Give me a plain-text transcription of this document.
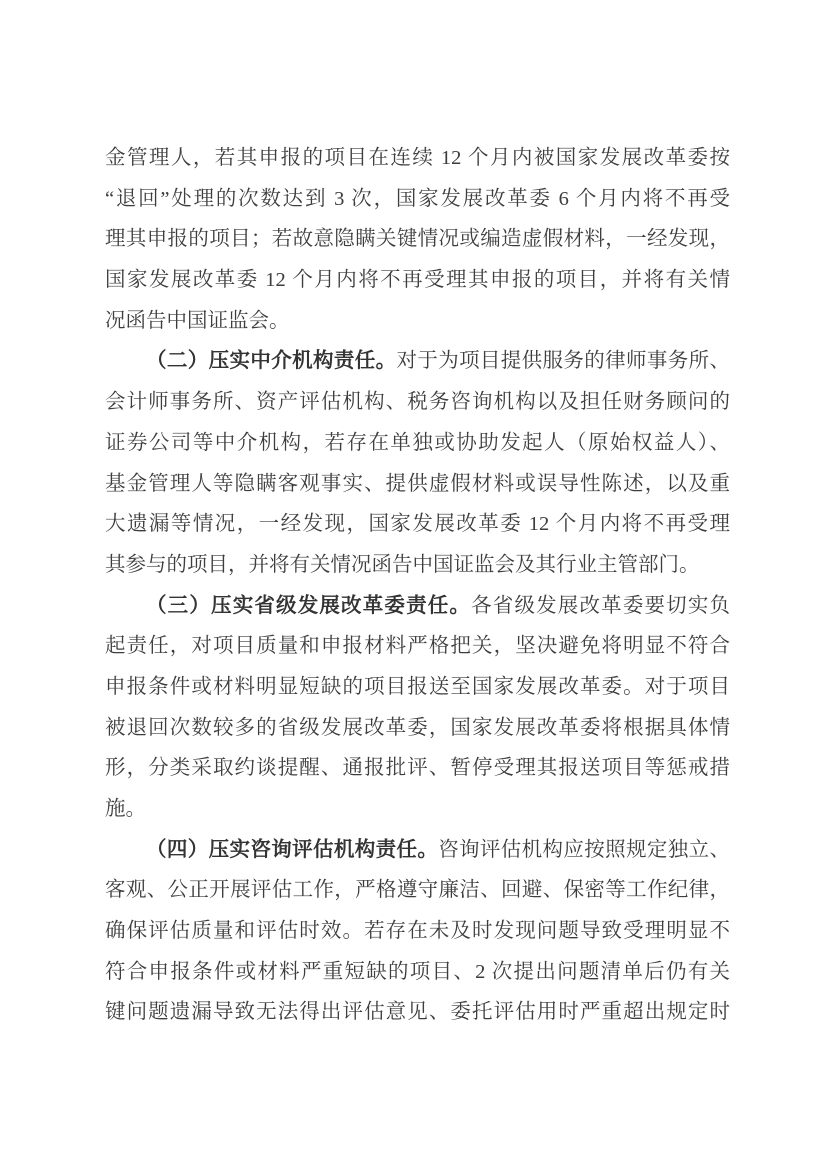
金管理人，若其申报的项目在连续 12 个月内被国家发展改革委按
“退回”处理的次数达到 3 次，国家发展改革委 6 个月内将不再受
理其申报的项目；若故意隐瞒关键情况或编造虚假材料，一经发现，
国家发展改革委 12 个月内将不再受理其申报的项目，并将有关情
况函告中国证监会。
（二）压实中介机构责任。对于为项目提供服务的律师事务所、
会计师事务所、资产评估机构、税务咨询机构以及担任财务顾问的
证券公司等中介机构，若存在单独或协助发起人（原始权益人）、
基金管理人等隐瞒客观事实、提供虚假材料或误导性陈述，以及重
大遗漏等情况，一经发现，国家发展改革委 12 个月内将不再受理
其参与的项目，并将有关情况函告中国证监会及其行业主管部门。
（三）压实省级发展改革委责任。各省级发展改革委要切实负
起责任，对项目质量和申报材料严格把关，坚决避免将明显不符合
申报条件或材料明显短缺的项目报送至国家发展改革委。对于项目
被退回次数较多的省级发展改革委，国家发展改革委将根据具体情
形，分类采取约谈提醒、通报批评、暂停受理其报送项目等惩戒措
施。
（四）压实咨询评估机构责任。咨询评估机构应按照规定独立、
客观、公正开展评估工作，严格遵守廉洁、回避、保密等工作纪律，
确保评估质量和评估时效。若存在未及时发现问题导致受理明显不
符合申报条件或材料严重短缺的项目、2 次提出问题清单后仍有关
键问题遗漏导致无法得出评估意见、委托评估用时严重超出规定时
